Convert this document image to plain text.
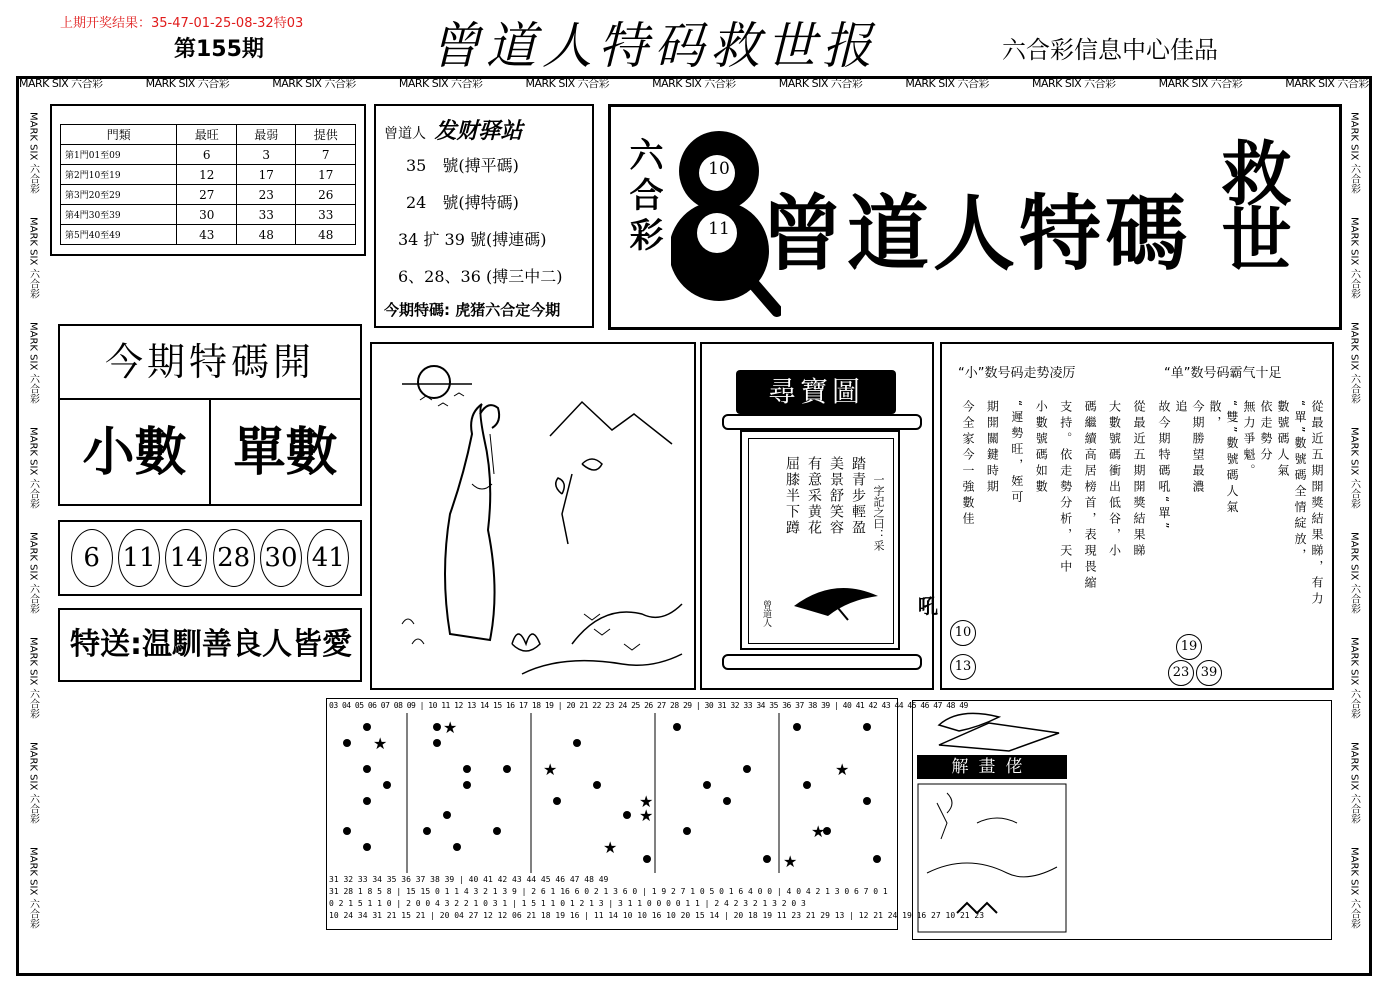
上期开奖结果：35-47-01-25-08-32特03
第155期	曾道人特码救世报	六合彩信息中心佳品
MARK SIX 六合彩	MARK SIX 六合彩	MARK SIX 六合彩	MARK SIX 六合彩	MARK SIX 六合彩	MARK SIX 六合彩	MARK SIX 六合彩	MARK SIX 六合彩	MARK SIX 六合彩	MARK SIX 六合彩	MARK SIX 六合彩
MARK SIX 六合彩
MARK SIX 六合彩
MARK SIX 六合彩
MARK SIX 六合彩
MARK SIX 六合彩
MARK SIX 六合彩
MARK SIX 六合彩
MARK SIX 六合彩
MARK SIX 六合彩
MARK SIX 六合彩
MARK SIX 六合彩
MARK SIX 六合彩
MARK SIX 六合彩
MARK SIX 六合彩
MARK SIX 六合彩
MARK SIX 六合彩
門類	最旺	最弱	提供
第1門01至09	6	3	7
第2門10至19	12	17	17
第3門20至29	27	23	26
第4門30至39	30	33	33
第5門40至49	43	48	48
曾道人 发财驿站
35　號(搏平碼)
24　號(搏特碼)
34 扩 39 號(搏連碼)
6、28、36 (搏三中二)
今期特碼: 虎猪六合定今期
六合彩	10
11 曾道人特碼 救世
今期特碼開
小數 單數
6 11 14 28 30 41
特送:温馴善良人皆愛
尋寶圖
一字記之曰：采
踏青步輕盈
美景舒笑容
有意采黄花
屈膝半下蹲
曾道人
“小”数号码走势凌厉	“单”数号码霸气十足
從最近五期開獎結果睇
大數號碼衝出低谷，小
碼繼續高居榜首，表現畏縮
支持。依走勢分析，天中
小數號碼如數
“遲勢旺，姪可
期開關鍵時期
今全家今一強數佳	從最近五期開獎結果睇，有力
“單”數號碼全情綻放，
數號碼人氣
依走勢分
無力爭魁。
“雙”數號碼人氣
散，
今期勝望最濃
追
故今期特碼吼“單”
10
13
19
23 39
吼
解畫佬
03 04 05 06 07 08 09 | 10 11 12 13 14 15 16 17 18 19 | 20 21 22 23 24 25 26 27 28 29 | 30 31 32 33 34 35 36 37 38 39 | 40 41 42 43 44 45 46 47 48 49
★
★
★
★
★
★
★
★
★
31 32 33 34 35 36 37 38 39 | 40 41 42 43 44 45 46 47 48 49
31 28 1 8 5 8 | 15 15 0 1 1 4 3 2 1 3 9 | 2 6 1 16 6 0 2 1 3 6 0 | 1 9 2 7 1 0 5 0 1 6 4 0 0 | 4 0 4 2 1 3 0 6 7 0 1
0 2 1 5 1 1 0 | 2 0 0 4 3 2 2 1 0 3 1 | 1 5 1 1 0 1 2 1 3 | 3 1 1 0 0 0 0 1 1 | 2 4 2 3 2 1 3 2 0 3
10 24 34 31 21 15 21 | 20 04 27 12 12 06 21 18 19 16 | 11 14 10 10 16 10 20 15 14 | 20 18 19 11 23 21 29 13 | 12 21 24 19 16 27 10 21 23
